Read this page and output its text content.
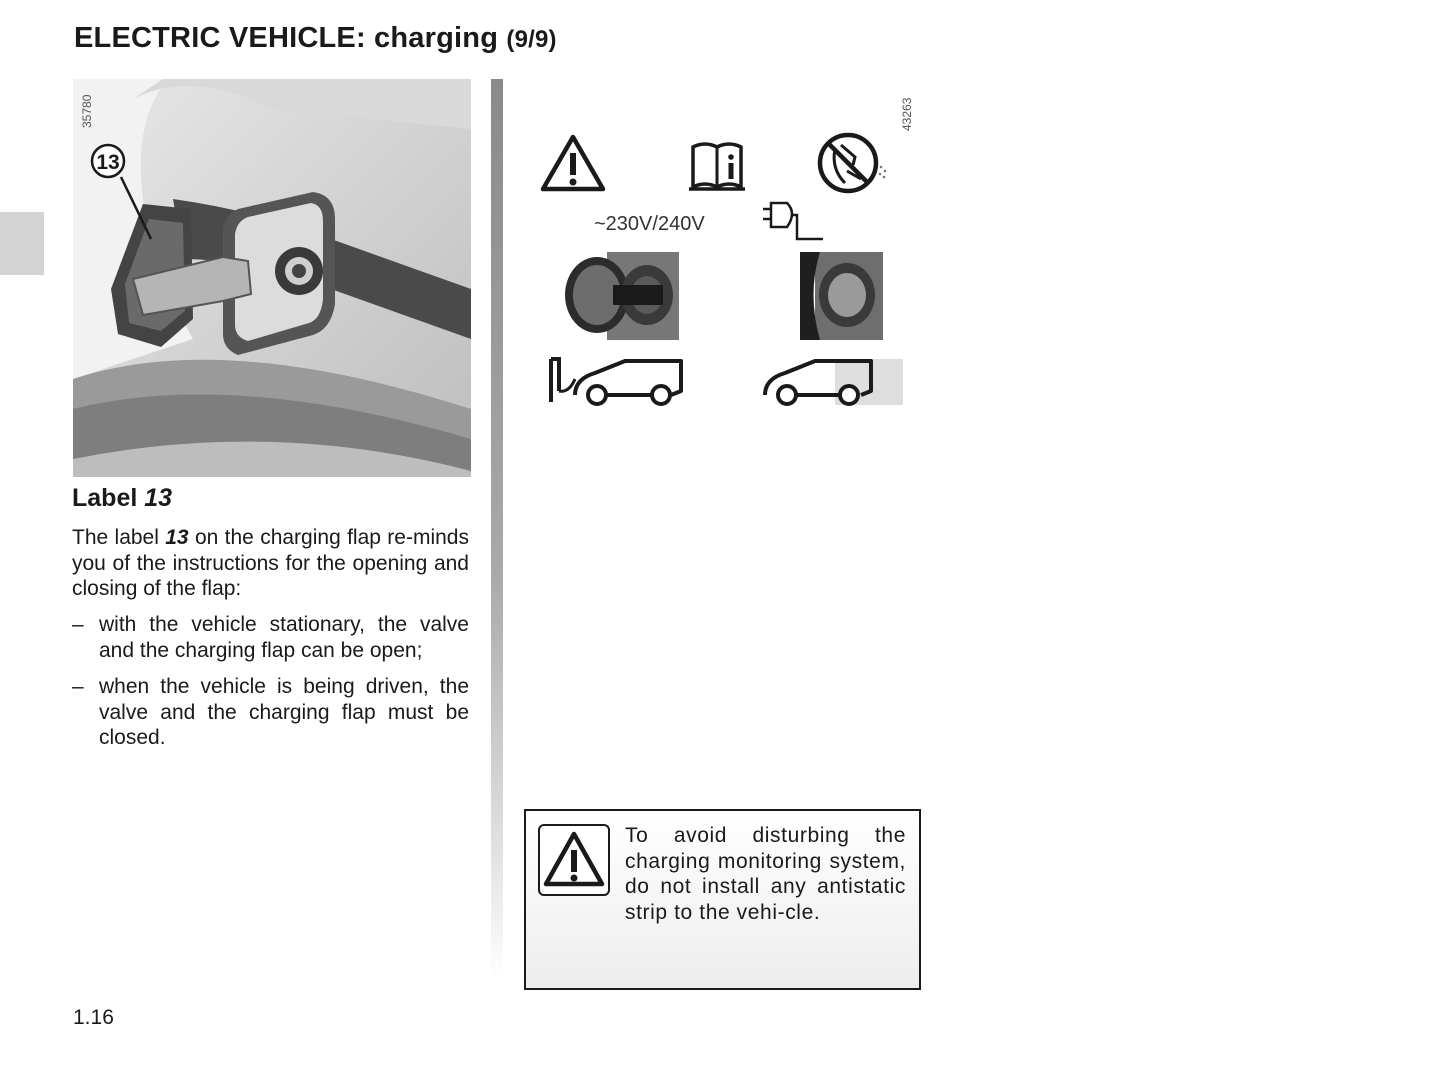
ELECTRIC VEHICLE: charging (9/9)
13
35780
Label 13

The label 13 on the charging flap re-minds you of the instructions for the opening and closing of the flap:

– with the vehicle stationary, the valve and the charging flap can be open;
– when the vehicle is being driven, the valve and the charging flap must be closed.
~230V/240V
43263

To avoid disturbing the charging monitoring system, do not install any antistatic strip to the vehi-cle.

1.16
